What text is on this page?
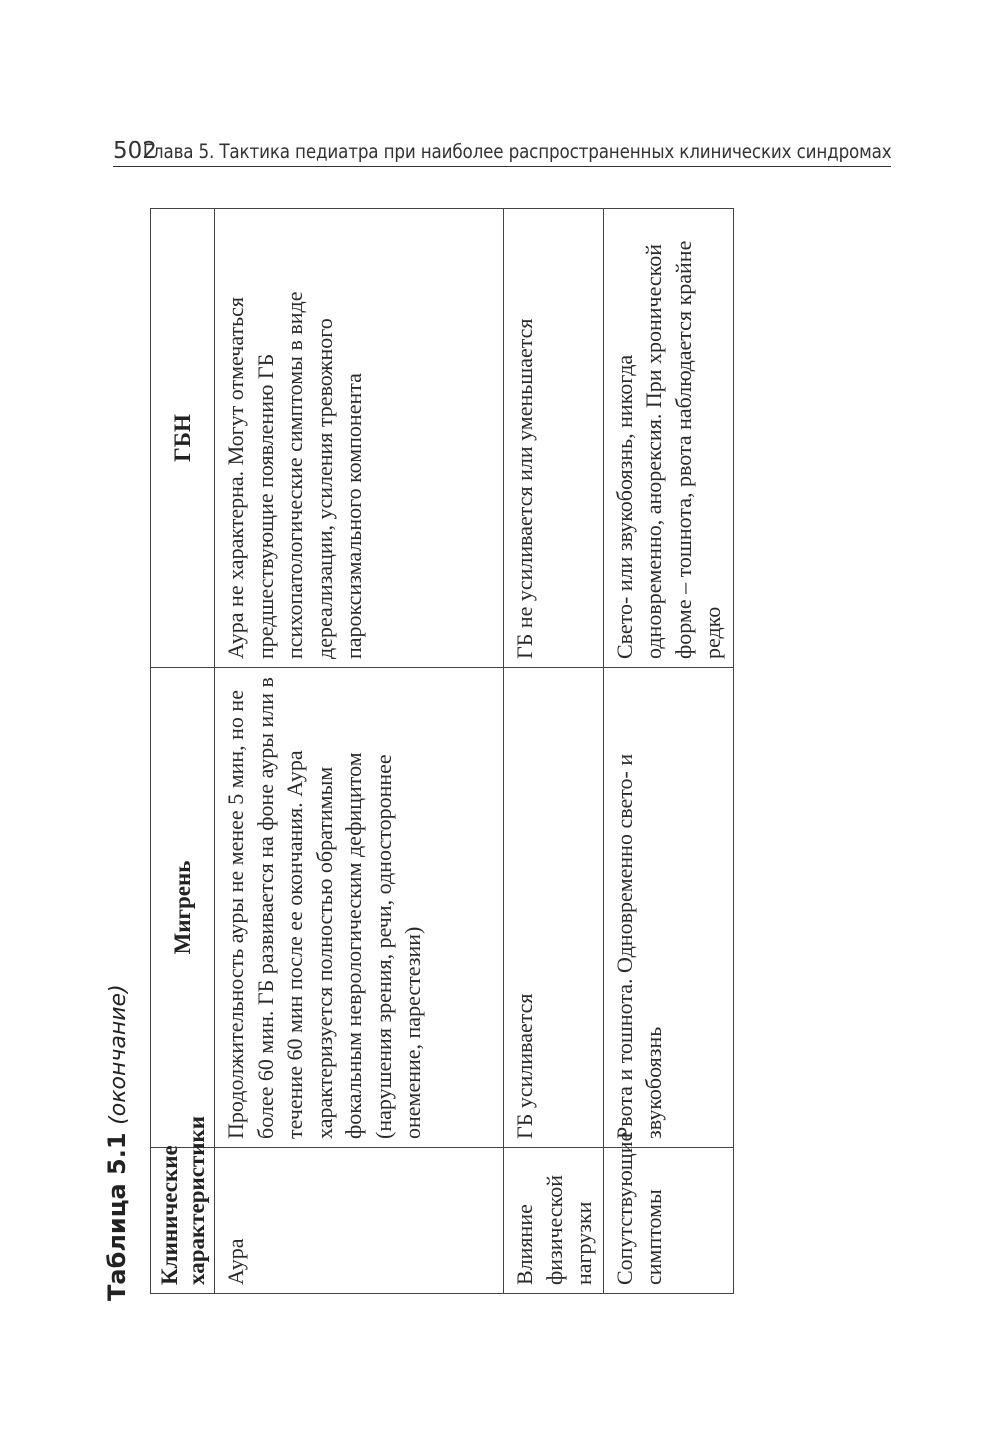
502
Глава 5. Тактика педиатра при наиболее распространенных клинических синдромах
Таблица 5.1 (окончание)
Клинические характеристики	Мигрень	ГБН
Аура	Продолжительность ауры не менее 5 мин, но не более 60 мин. ГБ развивается на фоне ауры или в течение 60 мин после ее окончания. Аура характеризуется полностью обратимым фокальным неврологическим дефицитом (нарушения зрения, речи, одностороннее онемение, парестезии)	Аура не характерна. Могут отмечаться предшествующие появлению ГБ психопатологические симптомы в виде дереализации, усиления тревожного пароксизмального компонента
Влияние физической нагрузки	ГБ усиливается	ГБ не усиливается или уменьшается
Сопутствующие симптомы	Рвота и тошнота. Одновременно свето- и звукобоязнь	Свето- или звукобоязнь, никогда одновременно, анорексия. При хронической форме – тошнота, рвота наблюдается крайне редко
